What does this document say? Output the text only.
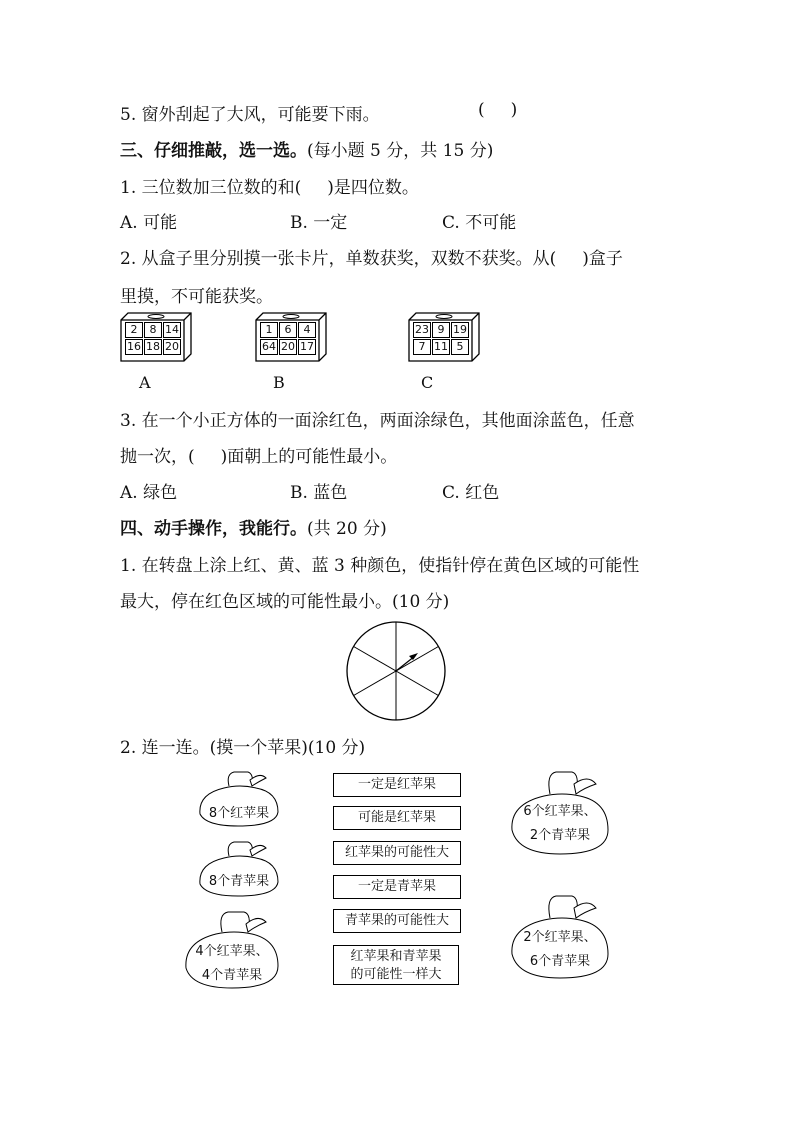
5. 窗外刮起了大风，可能要下雨。	( )
三、仔细推敲，选一选。(每小题 5 分，共 15 分)
1. 三位数加三位数的和( )是四位数。
A. 可能	B. 一定	C. 不可能
2. 从盒子里分别摸一张卡片，单数获奖，双数不获奖。从( )盒子
里摸，不可能获奖。
2	8 14
16 18 20
A
1	6	4
64 20 17
B
23 9 19
7 11 5
C
3. 在一个小正方体的一面涂红色，两面涂绿色，其他面涂蓝色，任意
抛一次，( )面朝上的可能性最小。
A. 绿色	B. 蓝色	C. 红色
四、动手操作，我能行。(共 20 分)
1. 在转盘上涂上红、黄、蓝 3 种颜色，使指针停在黄色区域的可能性
最大，停在红色区域的可能性最小。(10 分)
2. 连一连。(摸一个苹果)(10 分)
8个红苹果
8个青苹果
4个红苹果、
4个青苹果
一定是红苹果
可能是红苹果
红苹果的可能性大
一定是青苹果
青苹果的可能性大
红苹果和青苹果
的可能性一样大
6个红苹果、
2个青苹果
2个红苹果、
6个青苹果
